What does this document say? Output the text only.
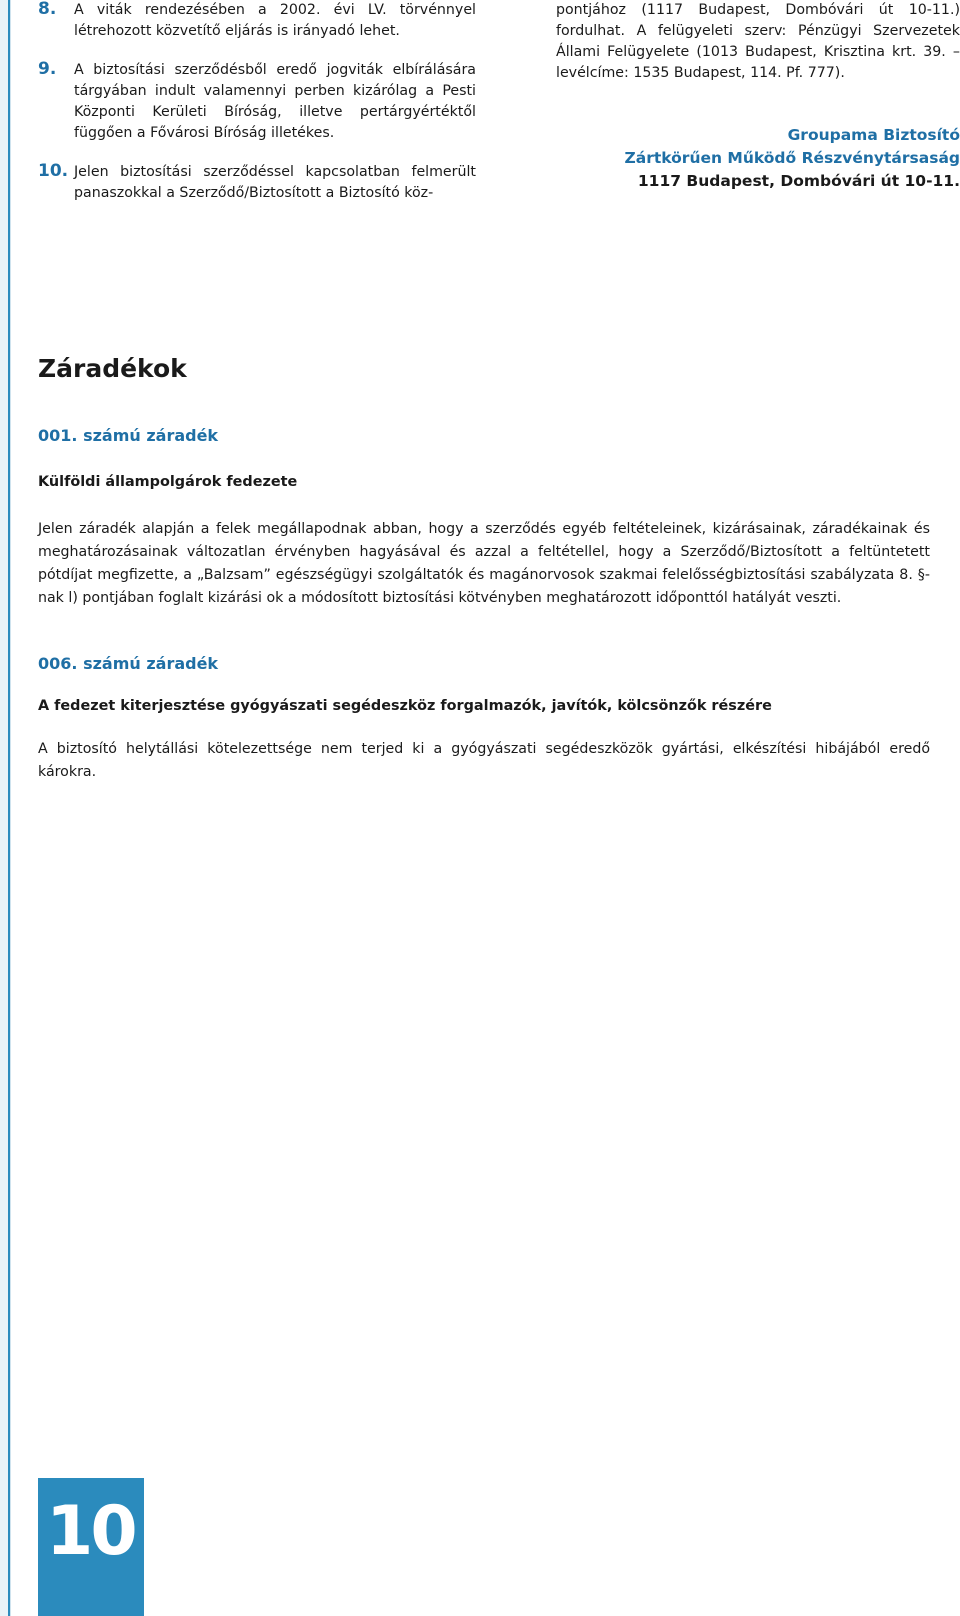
8. A viták rendezésében a 2002. évi LV. törvénnyel létrehozott közvetítő eljárás is irányadó lehet.

9. A biztosítási szerződésből eredő jogviták elbírálására tárgyában indult valamennyi perben kizárólag a Pesti Központi Kerületi Bíróság, illetve pertárgyértéktől függően a Fővárosi Bíróság illetékes.

10. Jelen biztosítási szerződéssel kapcsolatban felmerült panaszokkal a Szerződő/Biztosított a Biztosító köz-

pontjához (1117 Budapest, Dombóvári út 10-11.) fordulhat. A felügyeleti szerv: Pénzügyi Szervezetek Állami Felügyelete (1013 Budapest, Krisztina krt. 39. – levélcíme: 1535 Budapest, 114. Pf. 777).

Groupama Biztosító
Zártkörűen Működő Részvénytársaság
1117 Budapest, Dombóvári út 10-11.
Záradékok

001. számú záradék

Külföldi állampolgárok fedezete

Jelen záradék alapján a felek megállapodnak abban, hogy a szerződés egyéb feltételeinek, kizárásainak, záradékainak és meghatározásainak változatlan érvényben hagyásával és azzal a feltétellel, hogy a Szerződő/Biztosított a feltüntetett pótdíjat megfizette, a „Balzsam” egészségügyi szolgáltatók és magánorvosok szakmai felelősségbiztosítási szabályzata 8. §-nak l) pontjában foglalt kizárási ok a módosított biztosítási kötvényben meghatározott időponttól hatályát veszti.

006. számú záradék

A fedezet kiterjesztése gyógyászati segédeszköz forgalmazók, javítók, kölcsönzők részére

A biztosító helytállási kötelezettsége nem terjed ki a gyógyászati segédeszközök gyártási, elkészítési hibájából eredő károkra.

10
